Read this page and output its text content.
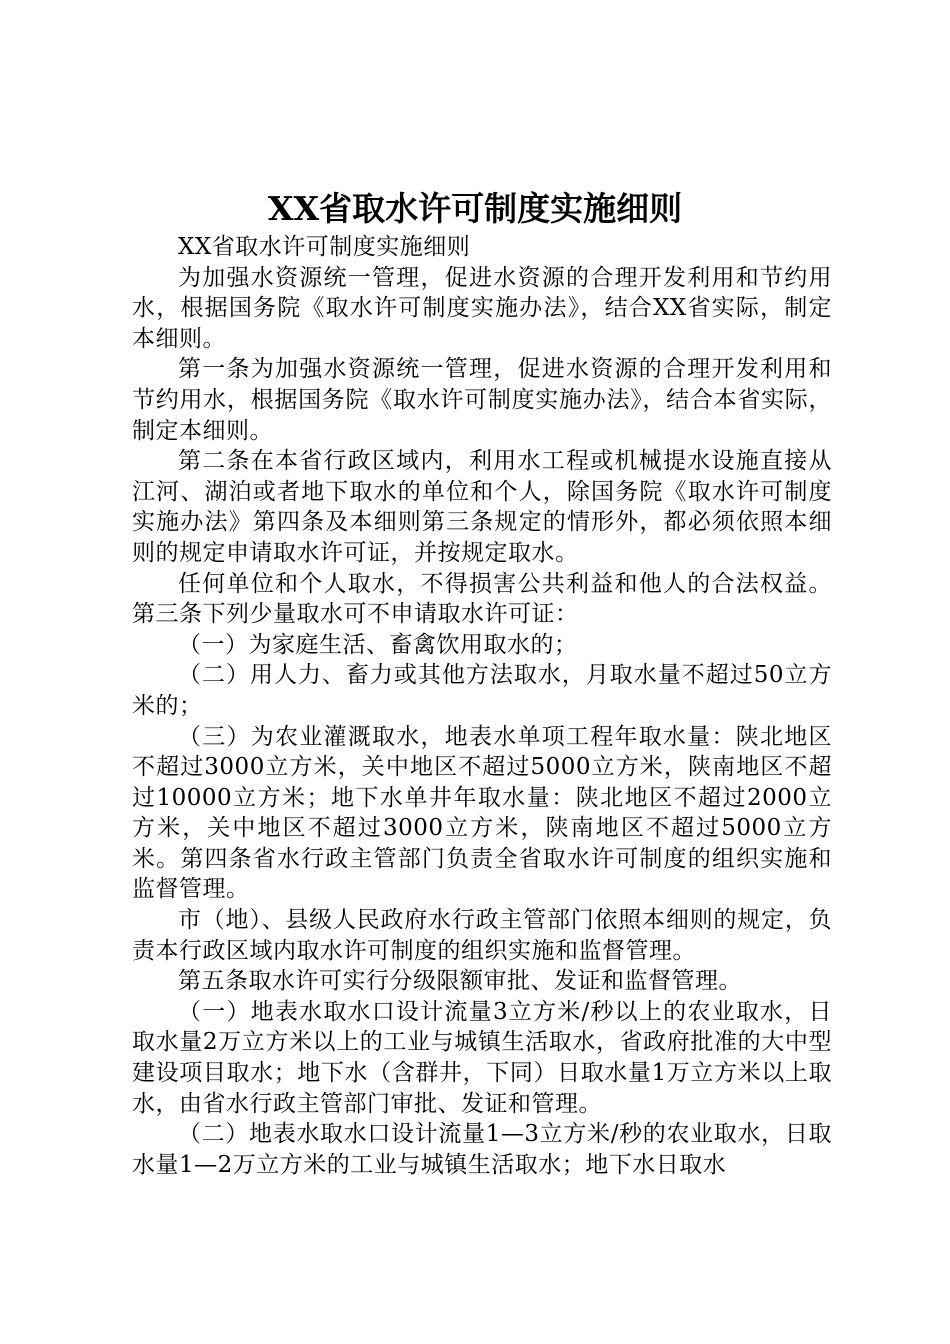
XX省取水许可制度实施细则

XX省取水许可制度实施细则

为加强水资源统一管理，促进水资源的合理开发利用和节约用水，根据国务院《取水许可制度实施办法》，结合XX省实际，制定本细则。

第一条为加强水资源统一管理，促进水资源的合理开发利用和节约用水，根据国务院《取水许可制度实施办法》，结合本省实际，制定本细则。

第二条在本省行政区域内，利用水工程或机械提水设施直接从江河、湖泊或者地下取水的单位和个人，除国务院《取水许可制度实施办法》第四条及本细则第三条规定的情形外，都必须依照本细则的规定申请取水许可证，并按规定取水。

任何单位和个人取水，不得损害公共利益和他人的合法权益。第三条下列少量取水可不申请取水许可证：

（一）为家庭生活、畜禽饮用取水的；

（二）用人力、畜力或其他方法取水，月取水量不超过50立方米的；

（三）为农业灌溉取水，地表水单项工程年取水量：陕北地区不超过3000立方米，关中地区不超过5000立方米，陕南地区不超过10000立方米；地下水单井年取水量：陕北地区不超过2000立方米，关中地区不超过3000立方米，陕南地区不超过5000立方米。第四条省水行政主管部门负责全省取水许可制度的组织实施和监督管理。

市（地）、县级人民政府水行政主管部门依照本细则的规定，负责本行政区域内取水许可制度的组织实施和监督管理。

第五条取水许可实行分级限额审批、发证和监督管理。

（一）地表水取水口设计流量3立方米/秒以上的农业取水，日取水量2万立方米以上的工业与城镇生活取水，省政府批准的大中型建设项目取水；地下水（含群井，下同）日取水量1万立方米以上取水，由省水行政主管部门审批、发证和管理。

（二）地表水取水口设计流量1—3立方米/秒的农业取水，日取水量1—2万立方米的工业与城镇生活取水；地下水日取水
